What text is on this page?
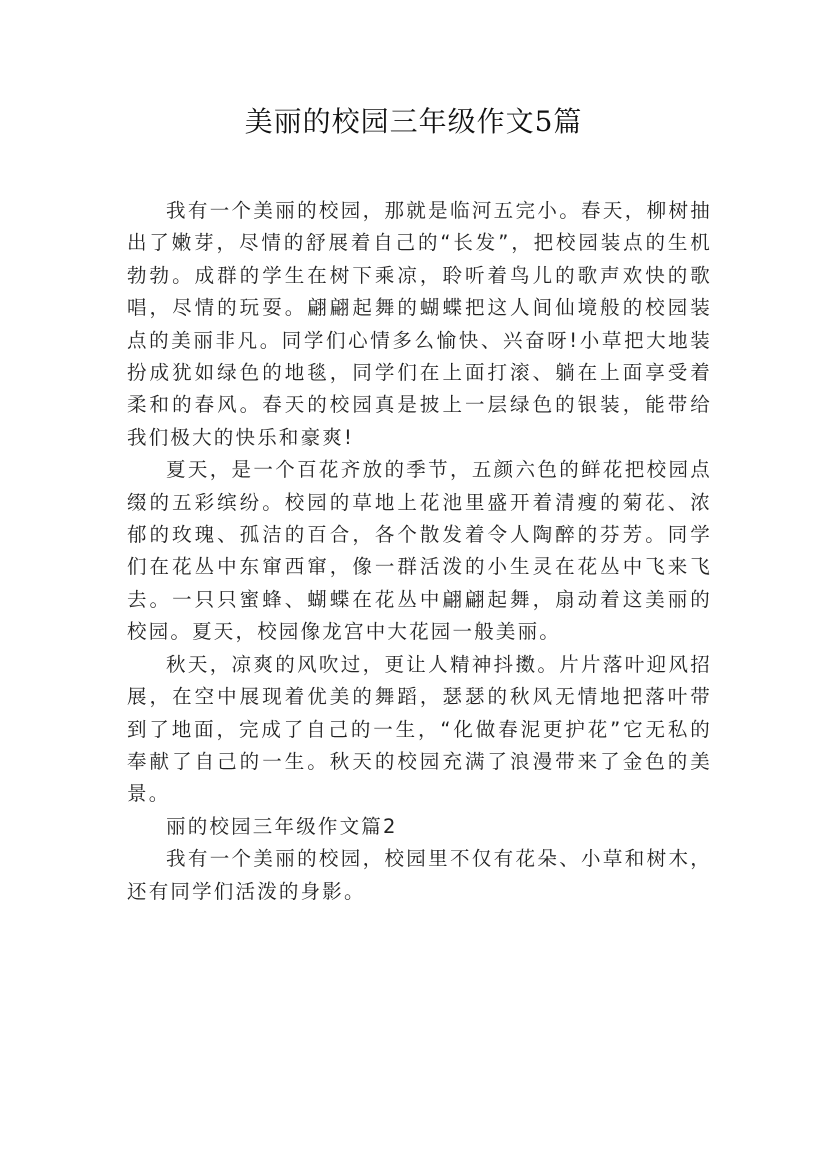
美丽的校园三年级作文5篇

我有一个美丽的校园，那就是临河五完小。春天，柳树抽出了嫩芽，尽情的舒展着自己的“长发”，把校园装点的生机勃勃。成群的学生在树下乘凉，聆听着鸟儿的歌声欢快的歌唱，尽情的玩耍。翩翩起舞的蝴蝶把这人间仙境般的校园装点的美丽非凡。同学们心情多么愉快、兴奋呀!小草把大地装扮成犹如绿色的地毯，同学们在上面打滚、躺在上面享受着柔和的春风。春天的校园真是披上一层绿色的银装，能带给我们极大的快乐和豪爽!

夏天，是一个百花齐放的季节，五颜六色的鲜花把校园点缀的五彩缤纷。校园的草地上花池里盛开着清瘦的菊花、浓郁的玫瑰、孤洁的百合，各个散发着令人陶醉的芬芳。同学们在花丛中东窜西窜，像一群活泼的小生灵在花丛中飞来飞去。一只只蜜蜂、蝴蝶在花丛中翩翩起舞，扇动着这美丽的校园。夏天，校园像龙宫中大花园一般美丽。

秋天，凉爽的风吹过，更让人精神抖擞。片片落叶迎风招展，在空中展现着优美的舞蹈，瑟瑟的秋风无情地把落叶带到了地面，完成了自己的一生，“化做春泥更护花”它无私的奉献了自己的一生。秋天的校园充满了浪漫带来了金色的美景。

丽的校园三年级作文篇2

我有一个美丽的校园，校园里不仅有花朵、小草和树木，还有同学们活泼的身影。
